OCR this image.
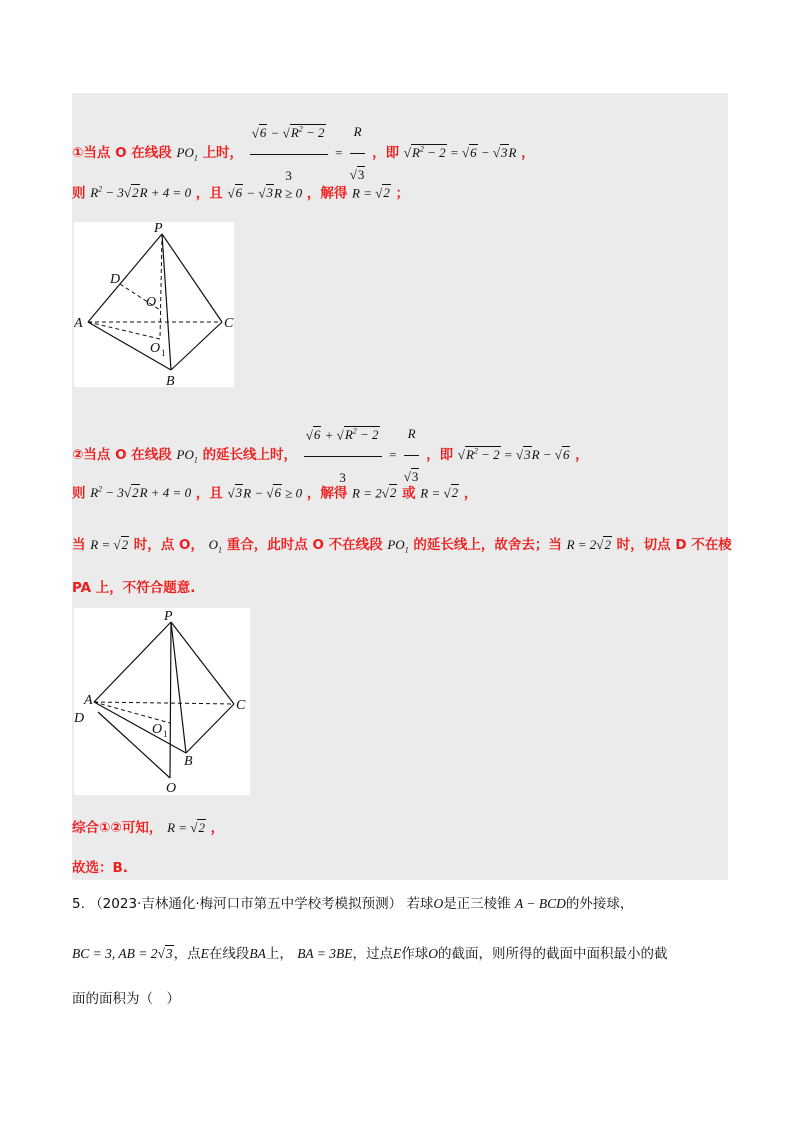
①当点 O 在线段 $PO_1$ 上时， $\frac{√6 - √R^2 - 2}{3} = \frac{R}{√3}$ ，即 $√R^2 - 2 = √6 - √3R$ ，
则 $R^2 - 3√2R + 4 = 0$ ，且 √6 − √3R ≥ 0 ，解得 R = √2 ；
P
A	C
B
D
O
O 1
②当点 O 在线段 $PO_1$ 的延长线上时， $\frac{√6 + √R^2 - 2}{3} = \frac{R}{√3}$ ，即 $√R^2 - 2 = √3R - √6$ ，
则 $R^2 - 3√2R + 4 = 0$ ，且 √3R − √6 ≥ 0 ，解得 R = 2√2 或 R = √2 ，
当 R = √2 时，点 O， $O_1$ 重合，此时点 O 不在线段 $PO_1$ 的延长线上，故舍去；当 R = 2√2 时，切点 D 不在棱
PA 上，不符合题意.
P
A
D
C
B
O 1
O
综合①②可知， R = √2 ，
故选：B.
5. （2023·吉林通化·梅河口市第五中学校考模拟预测） 若球O是正三棱锥 A − BCD的外接球，
BC = 3, AB = 2√3，点E在线段BA上， BA = 3BE，过点E作球O的截面，则所得的截面中面积最小的截
面的面积为（　）
